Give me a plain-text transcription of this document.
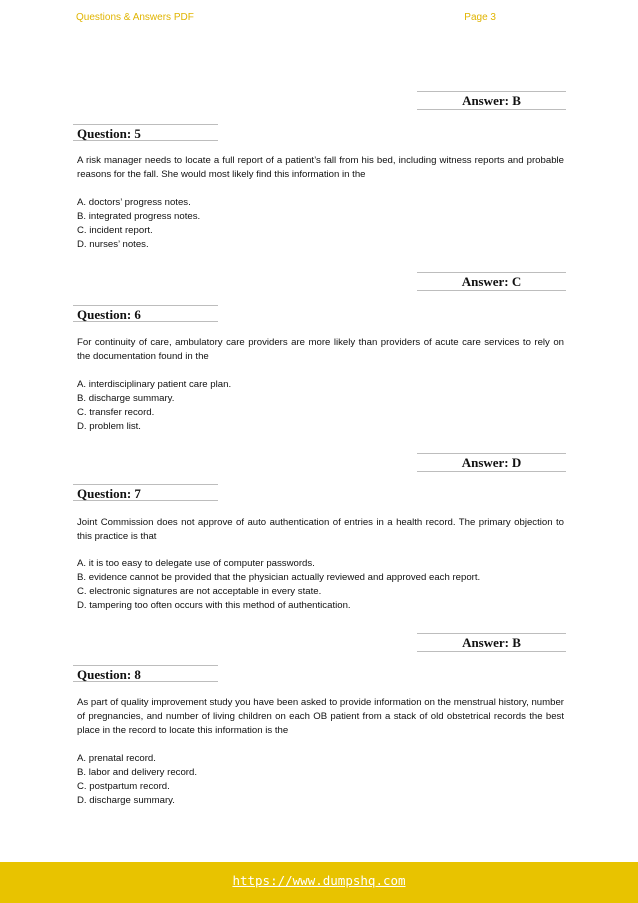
Questions & Answers PDF	Page 3
Answer: B
Question: 5
A risk manager needs to locate a full report of a patient’s fall from his bed, including witness reports and probable reasons for the fall. She would most likely find this information in the
A. doctors’ progress notes.
B. integrated progress notes.
C. incident report.
D. nurses’ notes.
Answer: C
Question: 6
For continuity of care, ambulatory care providers are more likely than providers of acute care services to rely on the documentation found in the
A. interdisciplinary patient care plan.
B. discharge summary.
C. transfer record.
D. problem list.
Answer: D
Question: 7
Joint Commission does not approve of auto authentication of entries in a health record. The primary objection to this practice is that
A. it is too easy to delegate use of computer passwords.
B. evidence cannot be provided that the physician actually reviewed and approved each report.
C. electronic signatures are not acceptable in every state.
D. tampering too often occurs with this method of authentication.
Answer: B
Question: 8
As part of quality improvement study you have been asked to provide information on the menstrual history, number of pregnancies, and number of living children on each OB patient from a stack of old obstetrical records the best place in the record to locate this information is the
A. prenatal record.
B. labor and delivery record.
C. postpartum record.
D. discharge summary.
https://www.dumpshq.com
